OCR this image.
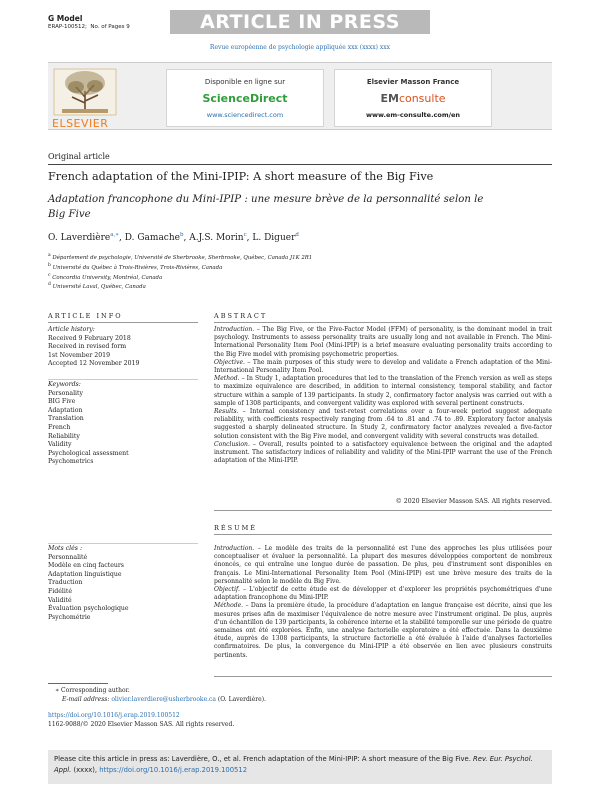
G Model
ERAP-100512; No. of Pages 9	ARTICLE IN PRESS
Revue européenne de psychologie appliquée xxx (xxxx) xxx
ELSEVIER
Disponible en ligne sur
ScienceDirect
www.sciencedirect.com
Elsevier Masson France
EMconsulte
www.em-consulte.com/en
Original article
French adaptation of the Mini-IPIP: A short measure of the Big Five
Adaptation francophone du Mini-IPIP : une mesure brève de la personnalité selon le Big Five
O. Laverdière$^{a,∗}$, D. Gamache$^b$, A.J.S. Morin$^c$, L. Diguer$^d$
$^a$ Département de psychologie, Université de Sherbrooke, Sherbrooke, Québec, Canada J1K 2R1
$^b$ Université du Québec à Trois-Rivières, Trois-Rivières, Canada
$^c$ Concordia University, Montréal, Canada
$^d$ Université Laval, Québec, Canada
ARTICLE INFO
Article history:
Received 9 February 2018
Received in revised form
1st November 2019
Accepted 12 November 2019
Keywords:
Personality
BIG Five
Adaptation
Translation
French
Reliability
Validity
Psychological assessment
Psychometrics
Mots clés :
Personnalité
Modèle en cinq facteurs
Adaptation linguistique
Traduction
Fidélité
Validité
Évaluation psychologique
Psychométrie
ABSTRACT

Introduction. – The Big Five, or the Five-Factor Model (FFM) of personality, is the dominant model in trait psychology. Instruments to assess personality traits are usually long and not available in French. The Mini-International Personality Item Pool (Mini-IPIP) is a brief measure evaluating personality traits according to the Big Five model with promising psychometric properties.

Objective. – The main purposes of this study were to develop and validate a French adaptation of the Mini-International Personality Item Pool.

Method. – In Study 1, adaptation procedures that led to the translation of the French version as well as steps to maximize equivalence are described, in addition to internal consistency, temporal stability, and factor structure within a sample of 139 participants. In study 2, confirmatory factor analysis was carried out with a sample of 1308 participants, and convergent validity was explored with several pertinent constructs.

Results. – Internal consistency and test-retest correlations over a four-week period suggest adequate reliability, with coefficients respectively ranging from .64 to .81 and .74 to .89. Exploratory factor analysis suggested a sharply delineated structure. In Study 2, confirmatory factor analyzes revealed a five-factor solution consistent with the Big Five model, and convergent validity with several constructs was detailed.

Conclusion. – Overall, results pointed to a satisfactory equivalence between the original and the adapted instrument. The satisfactory indices of reliability and validity of the Mini-IPIP warrant the use of the French adaptation of the Mini-IPIP.

© 2020 Elsevier Masson SAS. All rights reserved.
RÉSUMÉ

Introduction. – Le modèle des traits de la personnalité est l'une des approches les plus utilisées pour conceptualiser et évaluer la personnalité. La plupart des mesures développées comportent de nombreux énoncés, ce qui entraîne une longue durée de passation. De plus, peu d'instrument sont disponibles en français. Le Mini-International Personality Item Pool (Mini-IPIP) est une brève mesure des traits de la personnalité selon le modèle du Big Five.

Objectif. – L'objectif de cette étude est de développer et d'explorer les propriétés psychométriques d'une adaptation francophone du Mini-IPIP.

Méthode. – Dans la première étude, la procédure d'adaptation en langue française est décrite, ainsi que les mesures prises afin de maximiser l'équivalence de notre mesure avec l'instrument original. De plus, auprès d'un échantillon de 139 participants, la cohérence interne et la stabilité temporelle sur une période de quatre semaines ont été explorées. Enfin, une analyse factorielle exploratoire a été effectuée. Dans la deuxième étude, auprès de 1308 participants, la structure factorielle a été évaluée à l'aide d'analyses factorielles confirmatoires. De plus, la convergence du Mini-IPIP a été observée en lien avec plusieurs construits pertinents.

∗ Corresponding author.
E-mail address: olivier.laverdiere@usherbrooke.ca (O. Laverdière).
https://doi.org/10.1016/j.erap.2019.100512
1162-9088/© 2020 Elsevier Masson SAS. All rights reserved.
Please cite this article in press as: Laverdière, O., et al. French adaptation of the Mini-IPIP: A short measure of the Big Five. Rev. Eur. Psychol. Appl. (xxxx), https://doi.org/10.1016/j.erap.2019.100512
